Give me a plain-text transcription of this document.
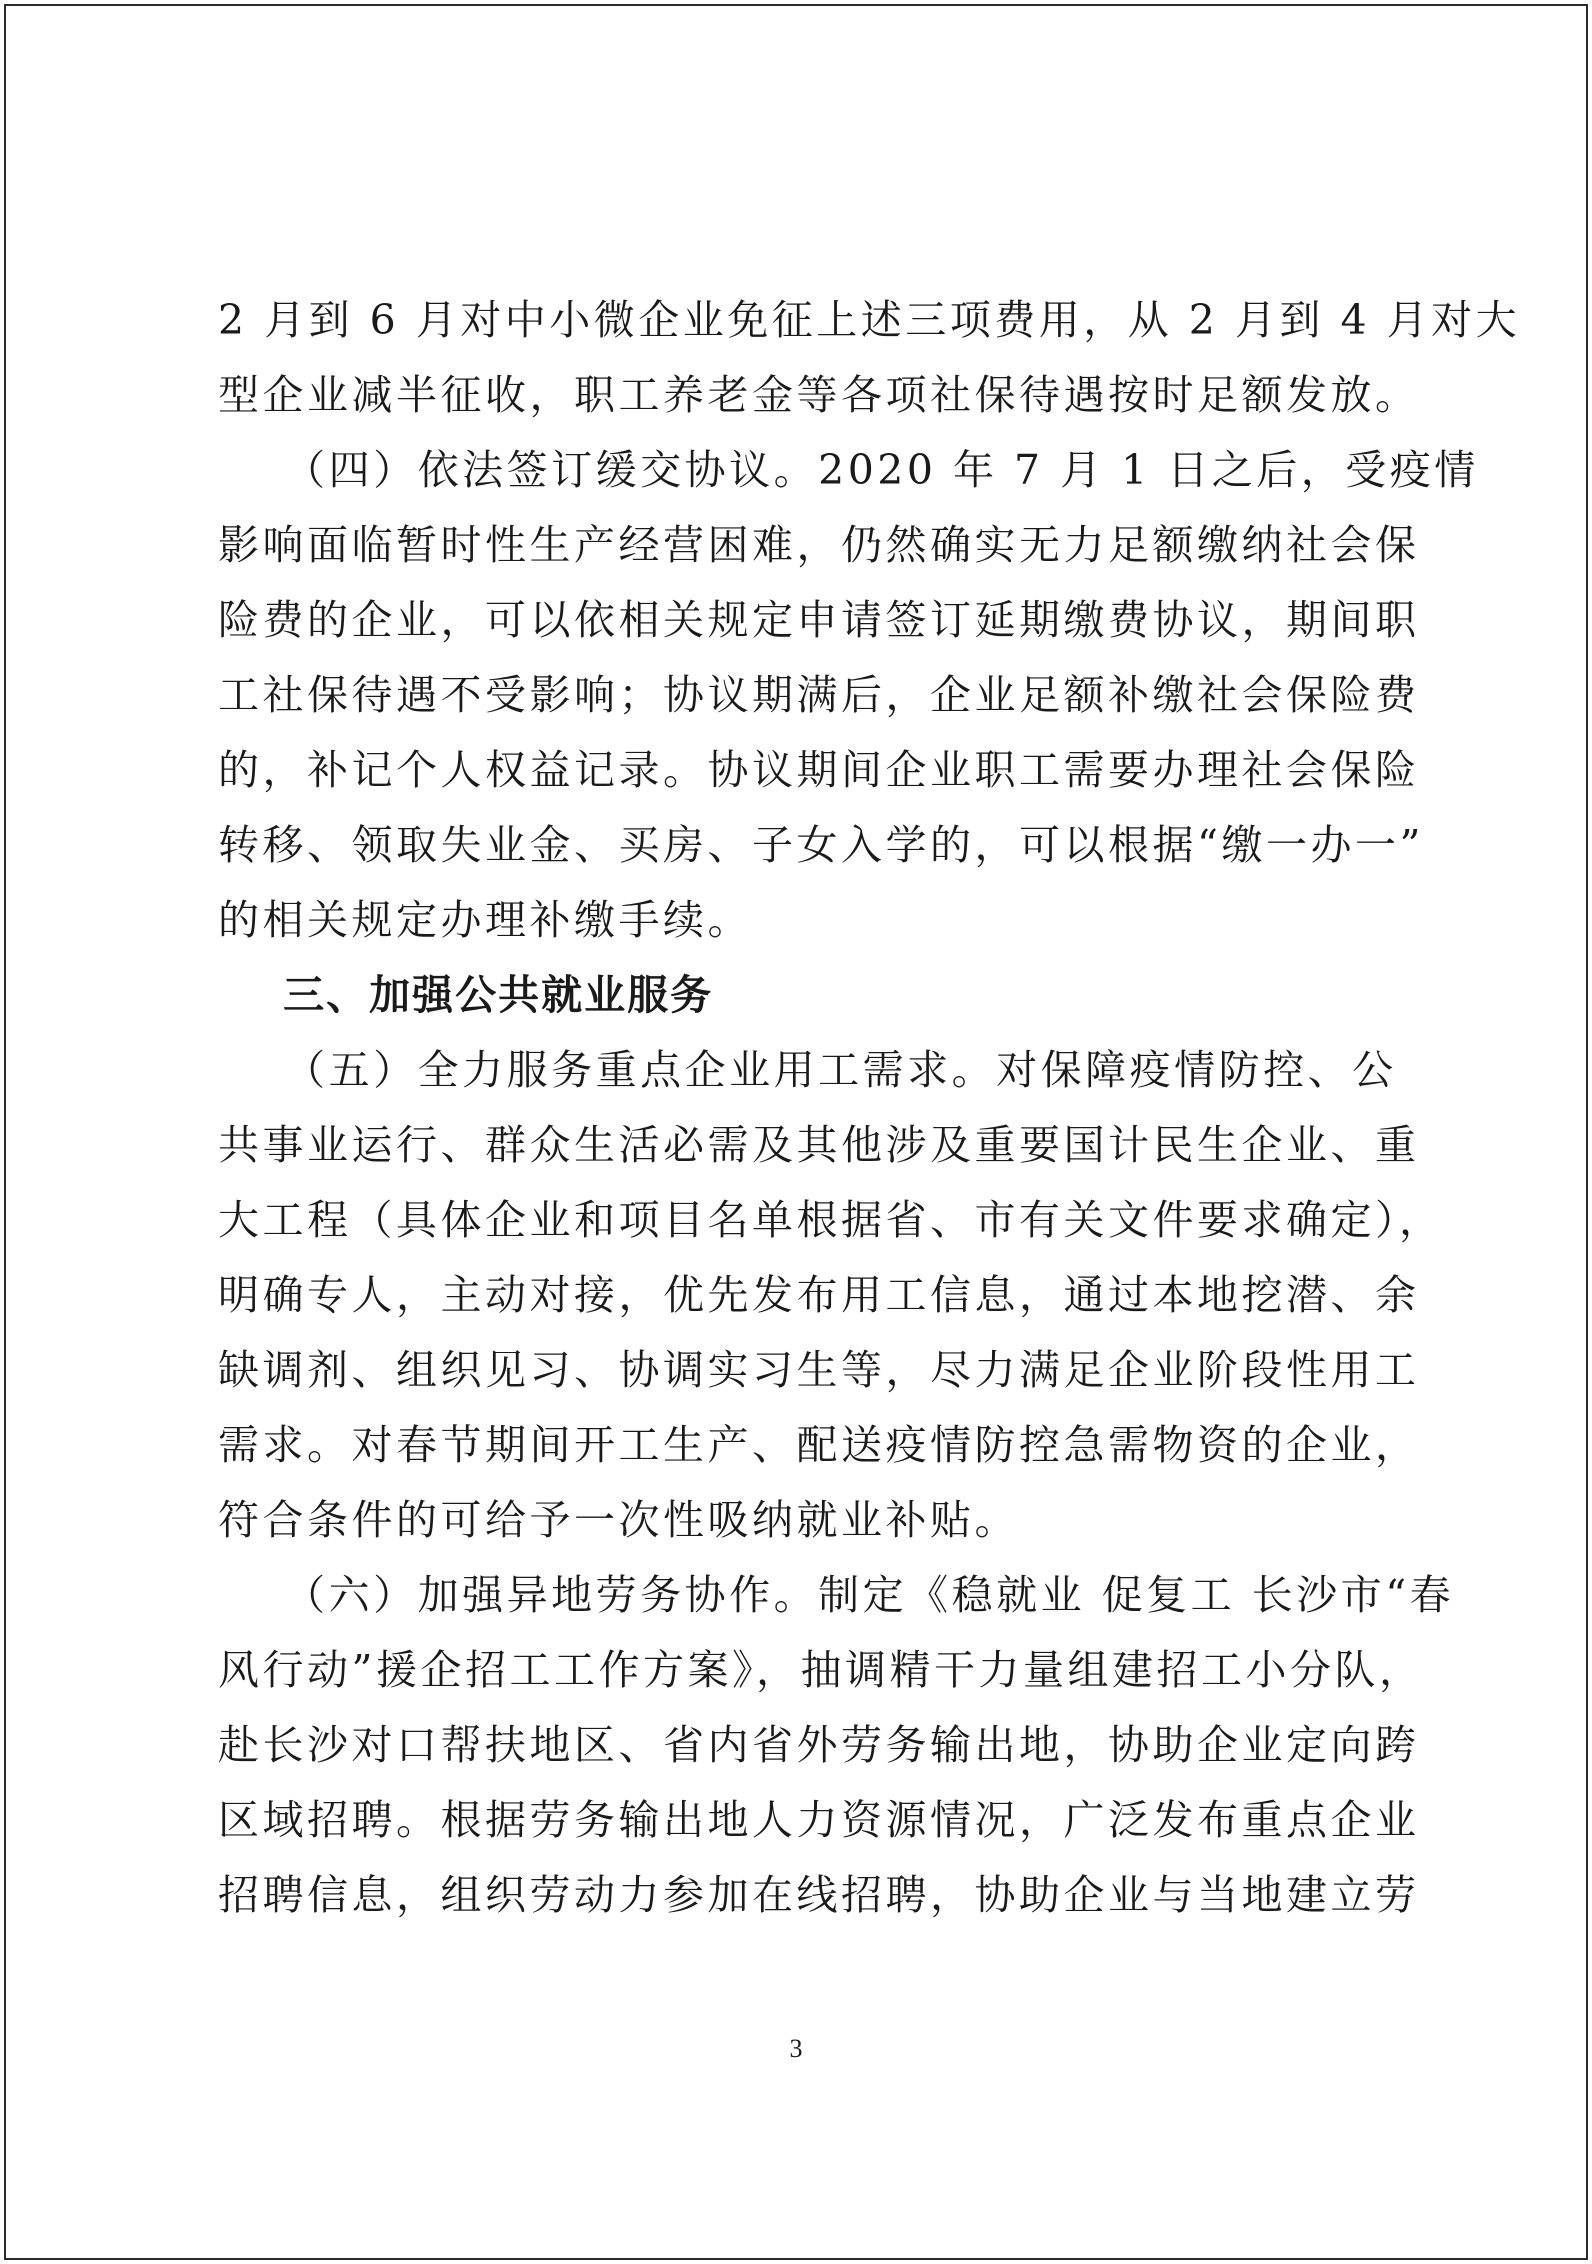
2 月到 6 月对中小微企业免征上述三项费用，从 2 月到 4 月对大
型企业减半征收，职工养老金等各项社保待遇按时足额发放。
（四）依法签订缓交协议。2020 年 7 月 1 日之后，受疫情
影响面临暂时性生产经营困难，仍然确实无力足额缴纳社会保
险费的企业，可以依相关规定申请签订延期缴费协议，期间职
工社保待遇不受影响；协议期满后，企业足额补缴社会保险费
的，补记个人权益记录。协议期间企业职工需要办理社会保险
转移、领取失业金、买房、子女入学的，可以根据“缴一办一”
的相关规定办理补缴手续。
三、加强公共就业服务
（五）全力服务重点企业用工需求。对保障疫情防控、公
共事业运行、群众生活必需及其他涉及重要国计民生企业、重
大工程（具体企业和项目名单根据省、市有关文件要求确定），
明确专人，主动对接，优先发布用工信息，通过本地挖潜、余
缺调剂、组织见习、协调实习生等，尽力满足企业阶段性用工
需求。对春节期间开工生产、配送疫情防控急需物资的企业，
符合条件的可给予一次性吸纳就业补贴。
（六）加强异地劳务协作。制定《稳就业 促复工 长沙市“春
风行动”援企招工工作方案》，抽调精干力量组建招工小分队，
赴长沙对口帮扶地区、省内省外劳务输出地，协助企业定向跨
区域招聘。根据劳务输出地人力资源情况，广泛发布重点企业
招聘信息，组织劳动力参加在线招聘，协助企业与当地建立劳
3
